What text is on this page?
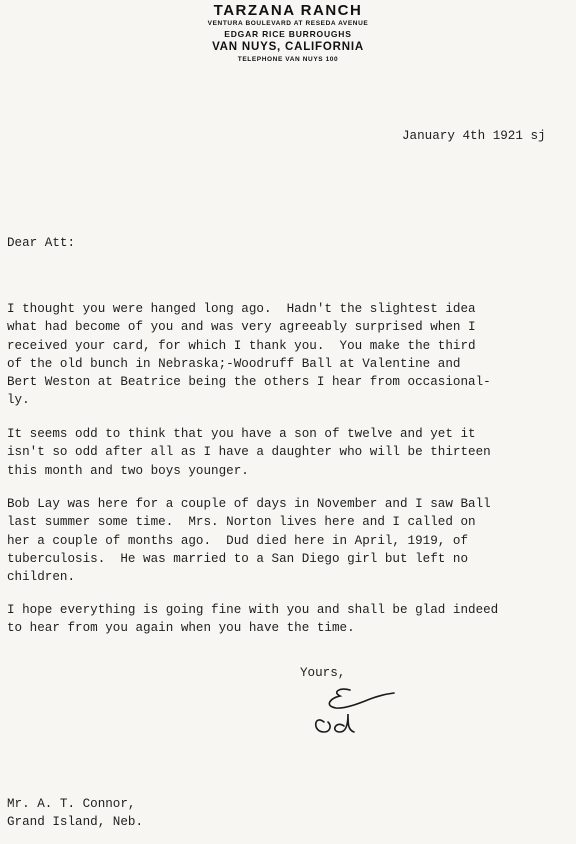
TARZANA RANCH
VENTURA BOULEVARD AT RESEDA AVENUE
EDGAR RICE BURROUGHS
VAN NUYS, CALIFORNIA
TELEPHONE VAN NUYS 100
January 4th 1921 sj
Dear Att:
I thought you were hanged long ago.  Hadn't the slightest idea
what had become of you and was very agreeably surprised when I
received your card, for which I thank you.  You make the third
of the old bunch in Nebraska;-Woodruff Ball at Valentine and
Bert Weston at Beatrice being the others I hear from occasional-
ly.
It seems odd to think that you have a son of twelve and yet it
isn't so odd after all as I have a daughter who will be thirteen
this month and two boys younger.
Bob Lay was here for a couple of days in November and I saw Ball
last summer some time.  Mrs. Norton lives here and I called on
her a couple of months ago.  Dud died here in April, 1919, of
tuberculosis.  He was married to a San Diego girl but left no
children.
I hope everything is going fine with you and shall be glad indeed
to hear from you again when you have the time.
Yours,
Mr. A. T. Connor,
Grand Island, Neb.
